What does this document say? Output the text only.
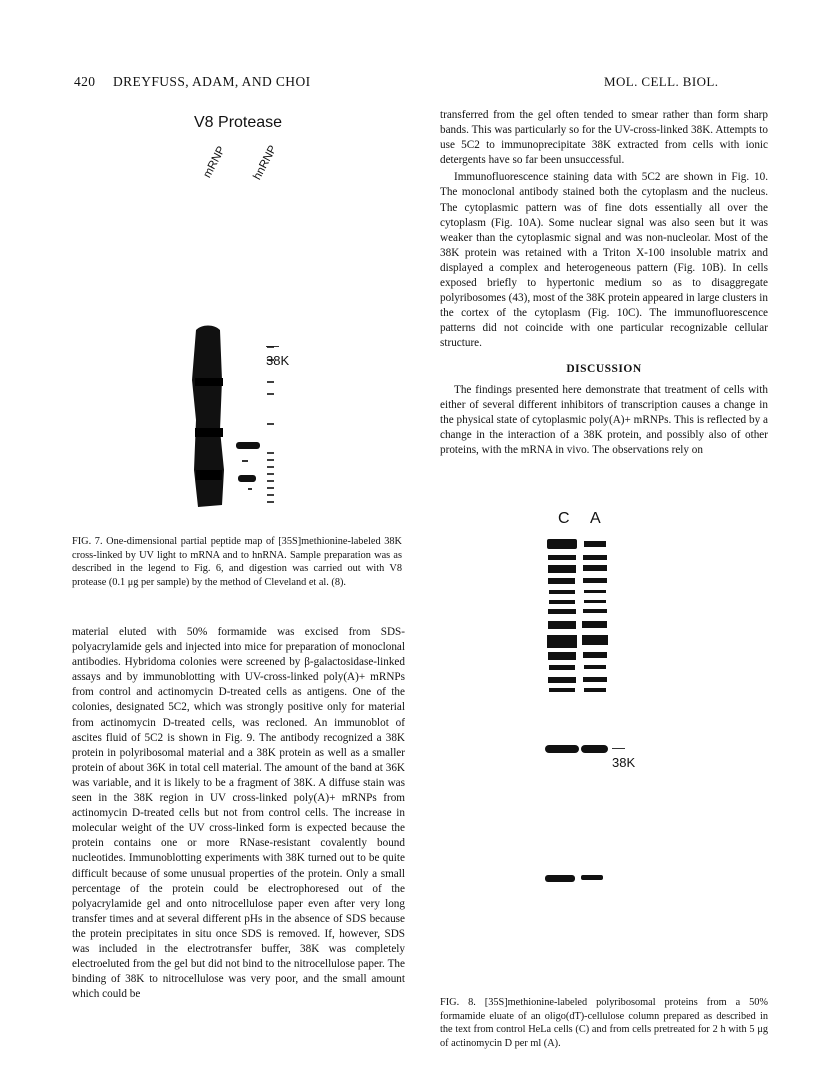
420 DREYFUSS, ADAM, AND CHOI	MOL. CELL. BIOL.
V8 Protease
mRNP hnRNP
—38K
FIG. 7. One-dimensional partial peptide map of [35S]methionine-labeled 38K cross-linked by UV light to mRNA and to hnRNA. Sample preparation was as described in the legend to Fig. 6, and digestion was carried out with V8 protease (0.1 μg per sample) by the method of Cleveland et al. (8).

material eluted with 50% formamide was excised from SDS-polyacrylamide gels and injected into mice for preparation of monoclonal antibodies. Hybridoma colonies were screened by β-galactosidase-linked assays and by immunoblotting with UV-cross-linked poly(A)+ mRNPs from control and actinomycin D-treated cells as antigens. One of the colonies, designated 5C2, which was strongly positive only for material from actinomycin D-treated cells, was recloned. An immunoblot of ascites fluid of 5C2 is shown in Fig. 9. The antibody recognized a 38K protein in polyribosomal material and a 38K protein as well as a smaller protein of about 36K in total cell material. The amount of the band at 36K was variable, and it is likely to be a fragment of 38K. A diffuse stain was seen in the 38K region in UV cross-linked poly(A)+ mRNPs from actinomycin D-treated cells but not from control cells. The increase in molecular weight of the UV cross-linked form is expected because the protein contains one or more RNase-resistant covalently bound nucleotides. Immunoblotting experiments with 38K turned out to be quite difficult because of some unusual properties of the protein. Only a small percentage of the protein could be electrophoresed out of the polyacrylamide gel and onto nitrocellulose paper even after very long transfer times and at several different pHs in the absence of SDS because the protein precipitates in situ once SDS is removed. If, however, SDS was included in the electrotransfer buffer, 38K was completely electroeluted from the gel but did not bind to the nitrocellulose paper. The binding of 38K to nitrocellulose was very poor, and the small amount which could be

transferred from the gel often tended to smear rather than form sharp bands. This was particularly so for the UV-cross-linked 38K. Attempts to use 5C2 to immunoprecipitate 38K extracted from cells with ionic detergents have so far been unsuccessful.

Immunofluorescence staining data with 5C2 are shown in Fig. 10. The monoclonal antibody stained both the cytoplasm and the nucleus. The cytoplasmic pattern was of fine dots essentially all over the cytoplasm (Fig. 10A). Some nuclear signal was also seen but it was weaker than the cytoplasmic signal and was non-nucleolar. Most of the 38K protein was retained with a Triton X-100 insoluble matrix and displayed a complex and heterogeneous pattern (Fig. 10B). In cells exposed briefly to hypertonic medium so as to disaggregate polyribosomes (43), most of the 38K protein appeared in large clusters in the cortex of the cytoplasm (Fig. 10C). The immunofluorescence patterns did not coincide with one particular recognizable cellular structure.

DISCUSSION

The findings presented here demonstrate that treatment of cells with either of several different inhibitors of transcription causes a change in the physical state of cytoplasmic poly(A)+ mRNPs. This is reflected by a change in the interaction of a 38K protein, and possibly also of other proteins, with the mRNA in vivo. The observations rely on

C A
—38K
FIG. 8. [35S]methionine-labeled polyribosomal proteins from a 50% formamide eluate of an oligo(dT)-cellulose column prepared as described in the text from control HeLa cells (C) and from cells pretreated for 2 h with 5 μg of actinomycin D per ml (A).
